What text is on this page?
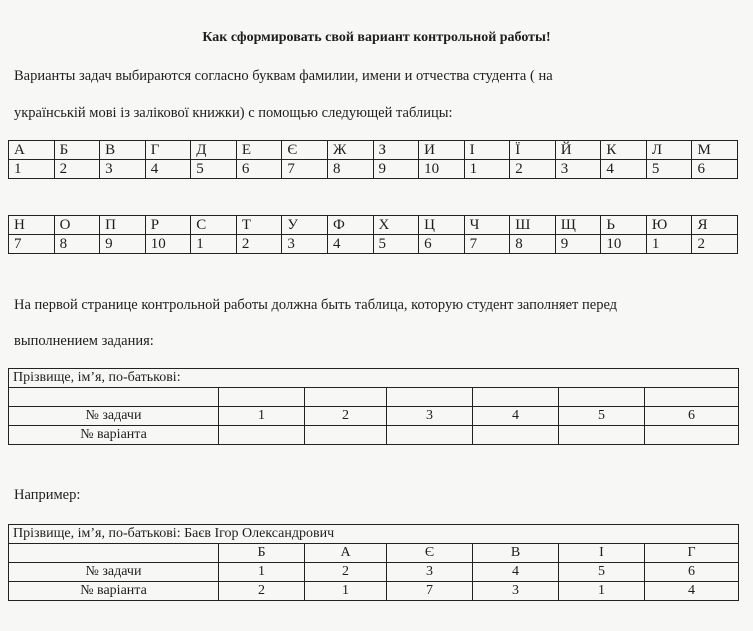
Как сформировать свой вариант контрольной работы!
Варианты задач выбираются согласно буквам фамилии, имени и отчества студента ( на
українській мові із залікової книжки) с помощью следующей таблицы:
А	Б	В	Г	Д	Е	Є	Ж	З	И	І	Ї	Й	К	Л	М
1	2	3	4	5	6	7	8	9	10	1	2	3	4	5	6
Н	О	П	Р	С	Т	У	Ф	Х	Ц	Ч	Ш	Щ	Ь	Ю	Я
7	8	9	10	1	2	3	4	5	6	7	8	9	10	1	2
На первой странице контрольной работы должна быть таблица, которую студент заполняет перед
выполнением задания:
Прізвище, ім’я, по-батькові:						

№ задачи	1	2	3	4	5	6
№ варіанта						
Например:
Прізвище, ім’я, по-батькові: Баєв Ігор Олександрович						
	Б	А	Є	В	І	Г
№ задачи	1	2	3	4	5	6
№ варіанта	2	1	7	3	1	4
